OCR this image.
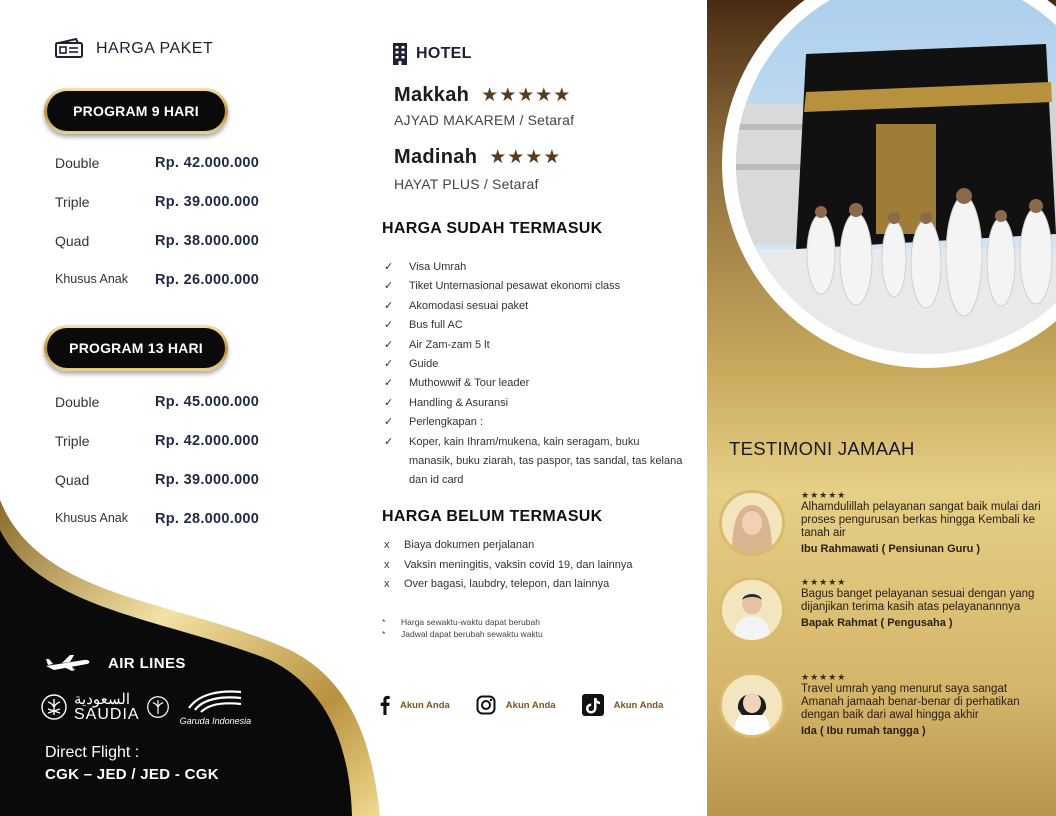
HARGA PAKET
PROGRAM 9 HARI
Double	Rp. 42.000.000
Triple	Rp. 39.000.000
Quad	Rp. 38.000.000
Khusus Anak	Rp. 26.000.000
PROGRAM 13 HARI
Double	Rp. 45.000.000
Triple	Rp. 42.000.000
Quad	Rp. 39.000.000
Khusus Anak	Rp. 28.000.000
AIR LINES
السعودية
SAUDIA	Garuda Indonesia
Direct Flight :
CGK – JED / JED - CGK
HOTEL
Makkah ★★★★★
AJYAD MAKAREM / Setaraf
Madinah ★★★★
HAYAT PLUS / Setaraf
HARGA SUDAH TERMASUK
✓	Visa Umrah
✓	Tiket Unternasional pesawat ekonomi class
✓	Akomodasi sesuai paket
✓	Bus full AC
✓	Air Zam-zam 5 lt
✓	Guide
✓	Muthowwif & Tour leader
✓	Handling & Asuransi
✓	Perlengkapan :
✓	Koper, kain Ihram/mukena, kain seragam, buku manasik, buku ziarah, tas paspor, tas sandal, tas kelana dan id card
HARGA BELUM TERMASUK
x	Biaya dokumen perjalanan
x	Vaksin meningitis, vaksin covid 19, dan lainnya
x	Over bagasi, laubdry, telepon, dan lainnya
*	Harga sewaktu-waktu dapat berubah
*	Jadwal dapat berubah sewaktu waktu
Akun Anda	Akun Anda	Akun Anda
TESTIMONI JAMAAH
★★★★★
Alhamdulillah pelayanan sangat baik mulai dari proses pengurusan berkas hingga Kembali ke tanah air
Ibu Rahmawati ( Pensiunan Guru )
★★★★★
Bagus banget pelayanan sesuai dengan yang dijanjikan terima kasih atas pelayanannnya
Bapak Rahmat ( Pengusaha )
★★★★★
Travel umrah yang menurut saya sangat Amanah jamaah benar-benar di perhatikan dengan baik dari awal hingga akhir
Ida ( Ibu rumah tangga )
